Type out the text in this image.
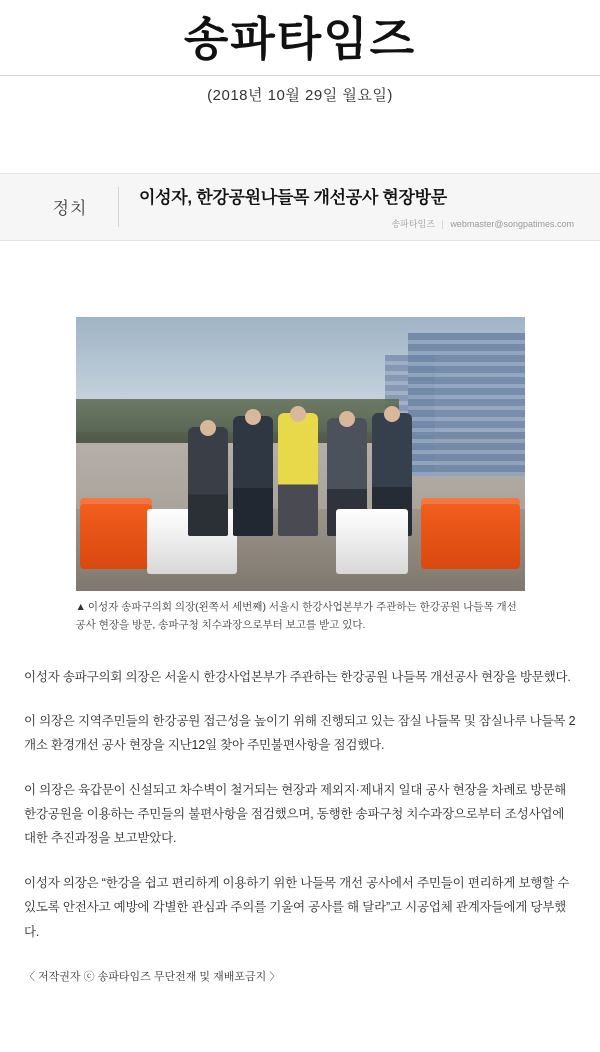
송파타임즈
(2018년 10월 29일 월요일)
정치
이성자, 한강공원나들목 개선공사 현장방문
송파타임즈 | webmaster@songpatimes.com
▲ 이성자 송파구의회 의장(왼쪽서 세번째) 서울시 한강사업본부가 주관하는 한강공원 나들목 개선공사 현장을 방문, 송파구청 치수과장으로부터 보고를 받고 있다.

이성자 송파구의회 의장은 서울시 한강사업본부가 주관하는 한강공원 나들목 개선공사 현장을 방문했다.

이 의장은 지역주민들의 한강공원 접근성을 높이기 위해 진행되고 있는 잠실 나들목 및 잠실나루 나들목 2개소 환경개선 공사 현장을 지난12일 찾아 주민불편사항을 점검했다.

이 의장은 육갑문이 신설되고 차수벽이 철거되는 현장과 제외지·제내지 일대 공사 현장을 차례로 방문해 한강공원을 이용하는 주민들의 불편사항을 점검했으며, 동행한 송파구청 치수과장으로부터 조성사업에 대한 추진과정을 보고받았다.

이성자 의장은 “한강을 쉽고 편리하게 이용하기 위한 나들목 개선 공사에서 주민들이 편리하게 보행할 수 있도록 안전사고 예방에 각별한 관심과 주의를 기울여 공사를 해 달라”고 시공업체 관계자들에게 당부했다.

〈 저작권자 ⓒ 송파타임즈 무단전재 및 재배포금지 〉
